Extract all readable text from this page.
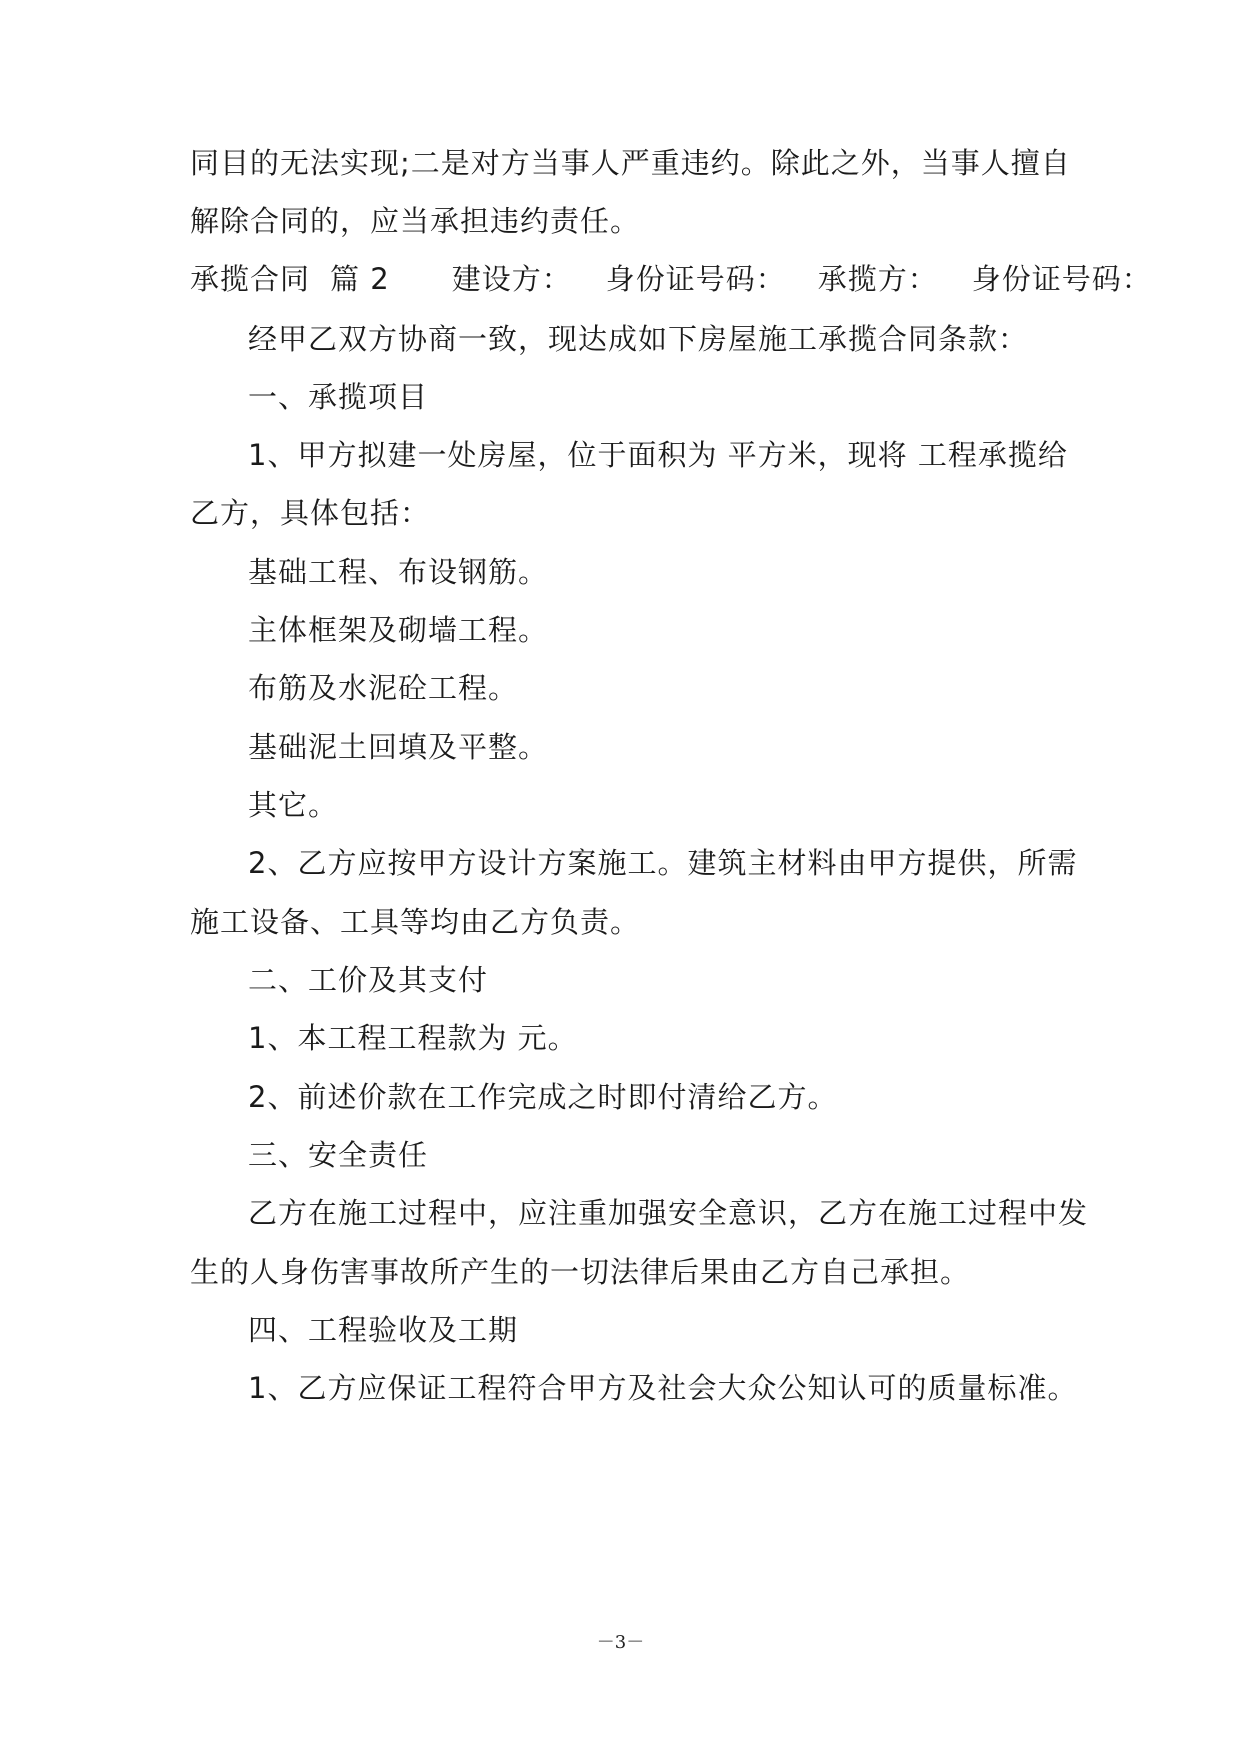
同目的无法实现;二是对方当事人严重违约。除此之外，当事人擅自
解除合同的，应当承担违约责任。
承揽合同 篇 2 建设方： 身份证号码： 承揽方： 身份证号码：
经甲乙双方协商一致，现达成如下房屋施工承揽合同条款：
一、承揽项目
1、甲方拟建一处房屋，位于面积为 平方米，现将 工程承揽给
乙方，具体包括：
基础工程、布设钢筋。
主体框架及砌墙工程。
布筋及水泥砼工程。
基础泥土回填及平整。
其它。
2、乙方应按甲方设计方案施工。建筑主材料由甲方提供，所需
施工设备、工具等均由乙方负责。
二、工价及其支付
1、本工程工程款为 元。
2、前述价款在工作完成之时即付清给乙方。
三、安全责任
乙方在施工过程中，应注重加强安全意识，乙方在施工过程中发
生的人身伤害事故所产生的一切法律后果由乙方自己承担。
四、工程验收及工期
1、乙方应保证工程符合甲方及社会大众公知认可的质量标准。
－3－
